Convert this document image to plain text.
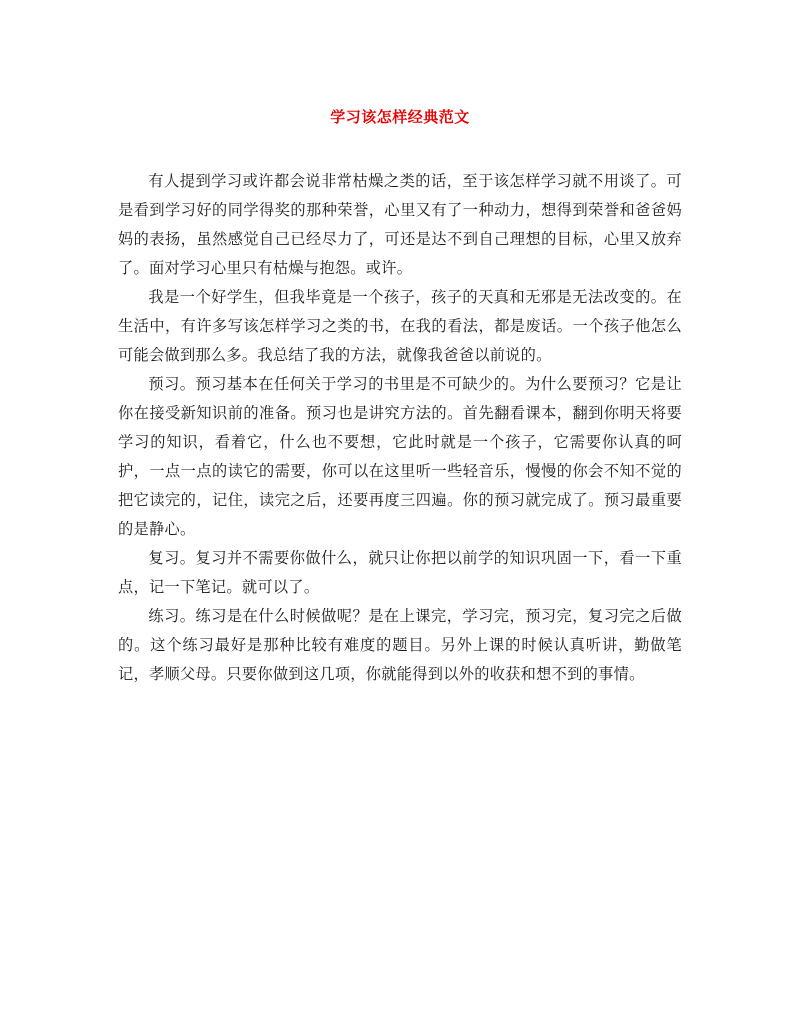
学习该怎样经典范文

有人提到学习或许都会说非常枯燥之类的话，至于该怎样学习就不用谈了。可是看到学习好的同学得奖的那种荣誉，心里又有了一种动力，想得到荣誉和爸爸妈妈的表扬，虽然感觉自己已经尽力了，可还是达不到自己理想的目标，心里又放弃了。面对学习心里只有枯燥与抱怨。或许。

我是一个好学生，但我毕竟是一个孩子，孩子的天真和无邪是无法改变的。在生活中，有许多写该怎样学习之类的书，在我的看法，都是废话。一个孩子他怎么可能会做到那么多。我总结了我的方法，就像我爸爸以前说的。

预习。预习基本在任何关于学习的书里是不可缺少的。为什么要预习？它是让你在接受新知识前的准备。预习也是讲究方法的。首先翻看课本，翻到你明天将要学习的知识，看着它，什么也不要想，它此时就是一个孩子，它需要你认真的呵护，一点一点的读它的需要，你可以在这里听一些轻音乐，慢慢的你会不知不觉的把它读完的，记住，读完之后，还要再度三四遍。你的预习就完成了。预习最重要的是静心。

复习。复习并不需要你做什么，就只让你把以前学的知识巩固一下，看一下重点，记一下笔记。就可以了。

练习。练习是在什么时候做呢？是在上课完，学习完，预习完，复习完之后做的。这个练习最好是那种比较有难度的题目。另外上课的时候认真听讲，勤做笔记，孝顺父母。只要你做到这几项，你就能得到以外的收获和想不到的事情。
